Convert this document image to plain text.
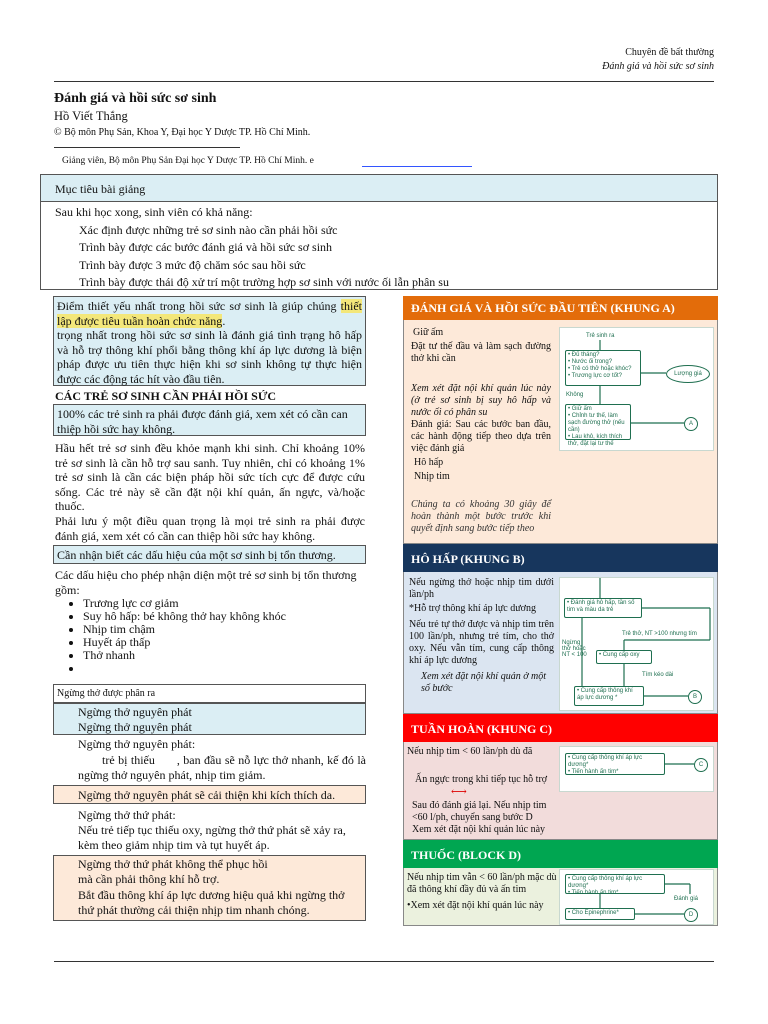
Chuyên đề bất thường
Đánh giá và hồi sức sơ sinh
Đánh giá và hồi sức sơ sinh
Hồ Viết Thắng
© Bộ môn Phụ Sản, Khoa Y, Đại học Y Dược TP. Hồ Chí Minh.
Giảng viên, Bộ môn Phụ Sản Đại học Y Dược TP. Hồ Chí Minh. e
Mục tiêu bài giảng
Sau khi học xong, sinh viên có khả năng:
Xác định được những trẻ sơ sinh nào cần phải hồi sức
Trình bày được các bước đánh giá và hồi sức sơ sinh
Trình bày được 3 mức độ chăm sóc sau hồi sức
Trình bày được thái độ xử trí một trường hợp sơ sinh với nước ối lẫn phân su
Điểm thiết yếu nhất trong hồi sức sơ sinh là giúp chúng thiết lập được tiêu tuần hoàn chức năng.
trọng nhất trong hồi sức sơ sinh là đánh giá tình trạng hô hấp và hỗ trợ thông khí phổi bằng thông khí áp lực dương là biện pháp được ưu tiên thực hiện khi sơ sinh không tự thực hiện được các động tác hít vào đầu tiên.
CÁC TRẺ SƠ SINH CẦN PHẢI HỒI SỨC
100% các trẻ sinh ra phải được đánh giá, xem xét có cần can thiệp hồi sức hay không.
Hầu hết trẻ sơ sinh đều khỏe mạnh khi sinh. Chỉ khoảng 10% trẻ sơ sinh là cần hỗ trợ sau sanh. Tuy nhiên, chỉ có khoảng 1% trẻ sơ sinh là cần các biện pháp hồi sức tích cực để được cứu sống. Các trẻ này sẽ cần đặt nội khí quản, ấn ngực, và/hoặc thuốc.
Phải lưu ý một điều quan trọng là mọi trẻ sinh ra phải được đánh giá, xem xét có cần can thiệp hồi sức hay không.
Cần nhận biết các dấu hiệu của một sơ sinh bị tổn thương.
Các dấu hiệu cho phép nhận diện một trẻ sơ sinh bị tổn thương gồm:
• Trương lực cơ giảm
• Suy hô hấp: bé không thở hay không khóc
• Nhịp tim chậm
• Huyết áp thấp
• Thở nhanh
•
Ngừng thở được phân ra
Ngừng thở nguyên phát
Ngừng thở nguyên phát
Ngừng thở nguyên phát:
trẻ bị thiếu , ban đầu sẽ nỗ lực thở nhanh, kế đó là ngừng thở nguyên phát, nhịp tim giảm.
Ngừng thở nguyên phát sẽ cải thiện khi kích thích da.
Ngừng thở thứ phát:
Nếu trẻ tiếp tục thiếu oxy, ngừng thở thứ phát sẽ xảy ra, kèm theo giảm nhịp tim và tụt huyết áp.
Ngừng thở thứ phát không thể phục hồi
mà cần phải thông khí hỗ trợ.
Bắt đầu thông khí áp lực dương hiệu quả khi ngừng thở thứ phát thường cải thiện nhịp tim nhanh chóng.
ĐÁNH GIÁ VÀ HỒI SỨC ĐẦU TIÊN (KHUNG A)
Giữ ấm
Đặt tư thế đầu và làm sạch đường thở khi cần
Xem xét đặt nội khí quản lúc này (ở trẻ sơ sinh bị suy hô hấp và nước ối có phân su
Đánh giá: Sau các bước ban đầu, các hành động tiếp theo dựa trên việc đánh giá
Hô hấp
Nhịp tim
Chúng ta có khoảng 30 giây để hoàn thành một bước trước khi quyết định sang bước tiếp theo
Trẻ sinh ra
• Đủ tháng?
• Nước ối trong?
• Trẻ có thở hoặc khóc?
• Trương lực cơ tốt?	Lượng giá
Không
• Giữ ấm
• Chỉnh tư thế, làm sạch đường thở (nếu cần)
• Lau khô, kích thích thở, đặt lại tư thế
A
HÔ HẤP (KHUNG B)
Nếu ngừng thở hoặc nhịp tim dưới lần/ph
*Hỗ trợ thông khí áp lực dương
Nếu trẻ tự thở được và nhịp tim trên 100 lần/ph, nhưng trẻ tím, cho thở oxy. Nếu vẫn tím, cung cấp thông khí áp lực dương
Xem xét đặt nội khí quản ở một số bước
• Đánh giá hô hấp, tần số tim và màu da trẻ
Trẻ thở, NT >100 nhưng tím
Ngừng thở hoặc NT < 100	• Cung cấp oxy
Tím kéo dài
• Cung cấp thông khí áp lực dương *	B
TUẦN HOÀN (KHUNG C)
Nếu nhịp tim < 60 lần/ph dù đã
Ấn ngực trong khi tiếp tục hỗ trợ
⟷
Sau đó đánh giá lại. Nếu nhịp tim <60 l/ph, chuyển sang bước D
Xem xét đặt nội khí quản lúc này
• Cung cấp thông khí áp lực dương*
• Tiến hành ấn tim*
C
THUỐC (BLOCK D)
Nếu nhịp tim vẫn < 60 lần/ph mặc dù đã thông khí đầy đủ và ấn tim
•Xem xét đặt nội khí quản lúc này
• Cung cấp thông khí áp lực dương*
• Tiến hành ấn tim*
Đánh giá
• Cho Epinephrine*	D
